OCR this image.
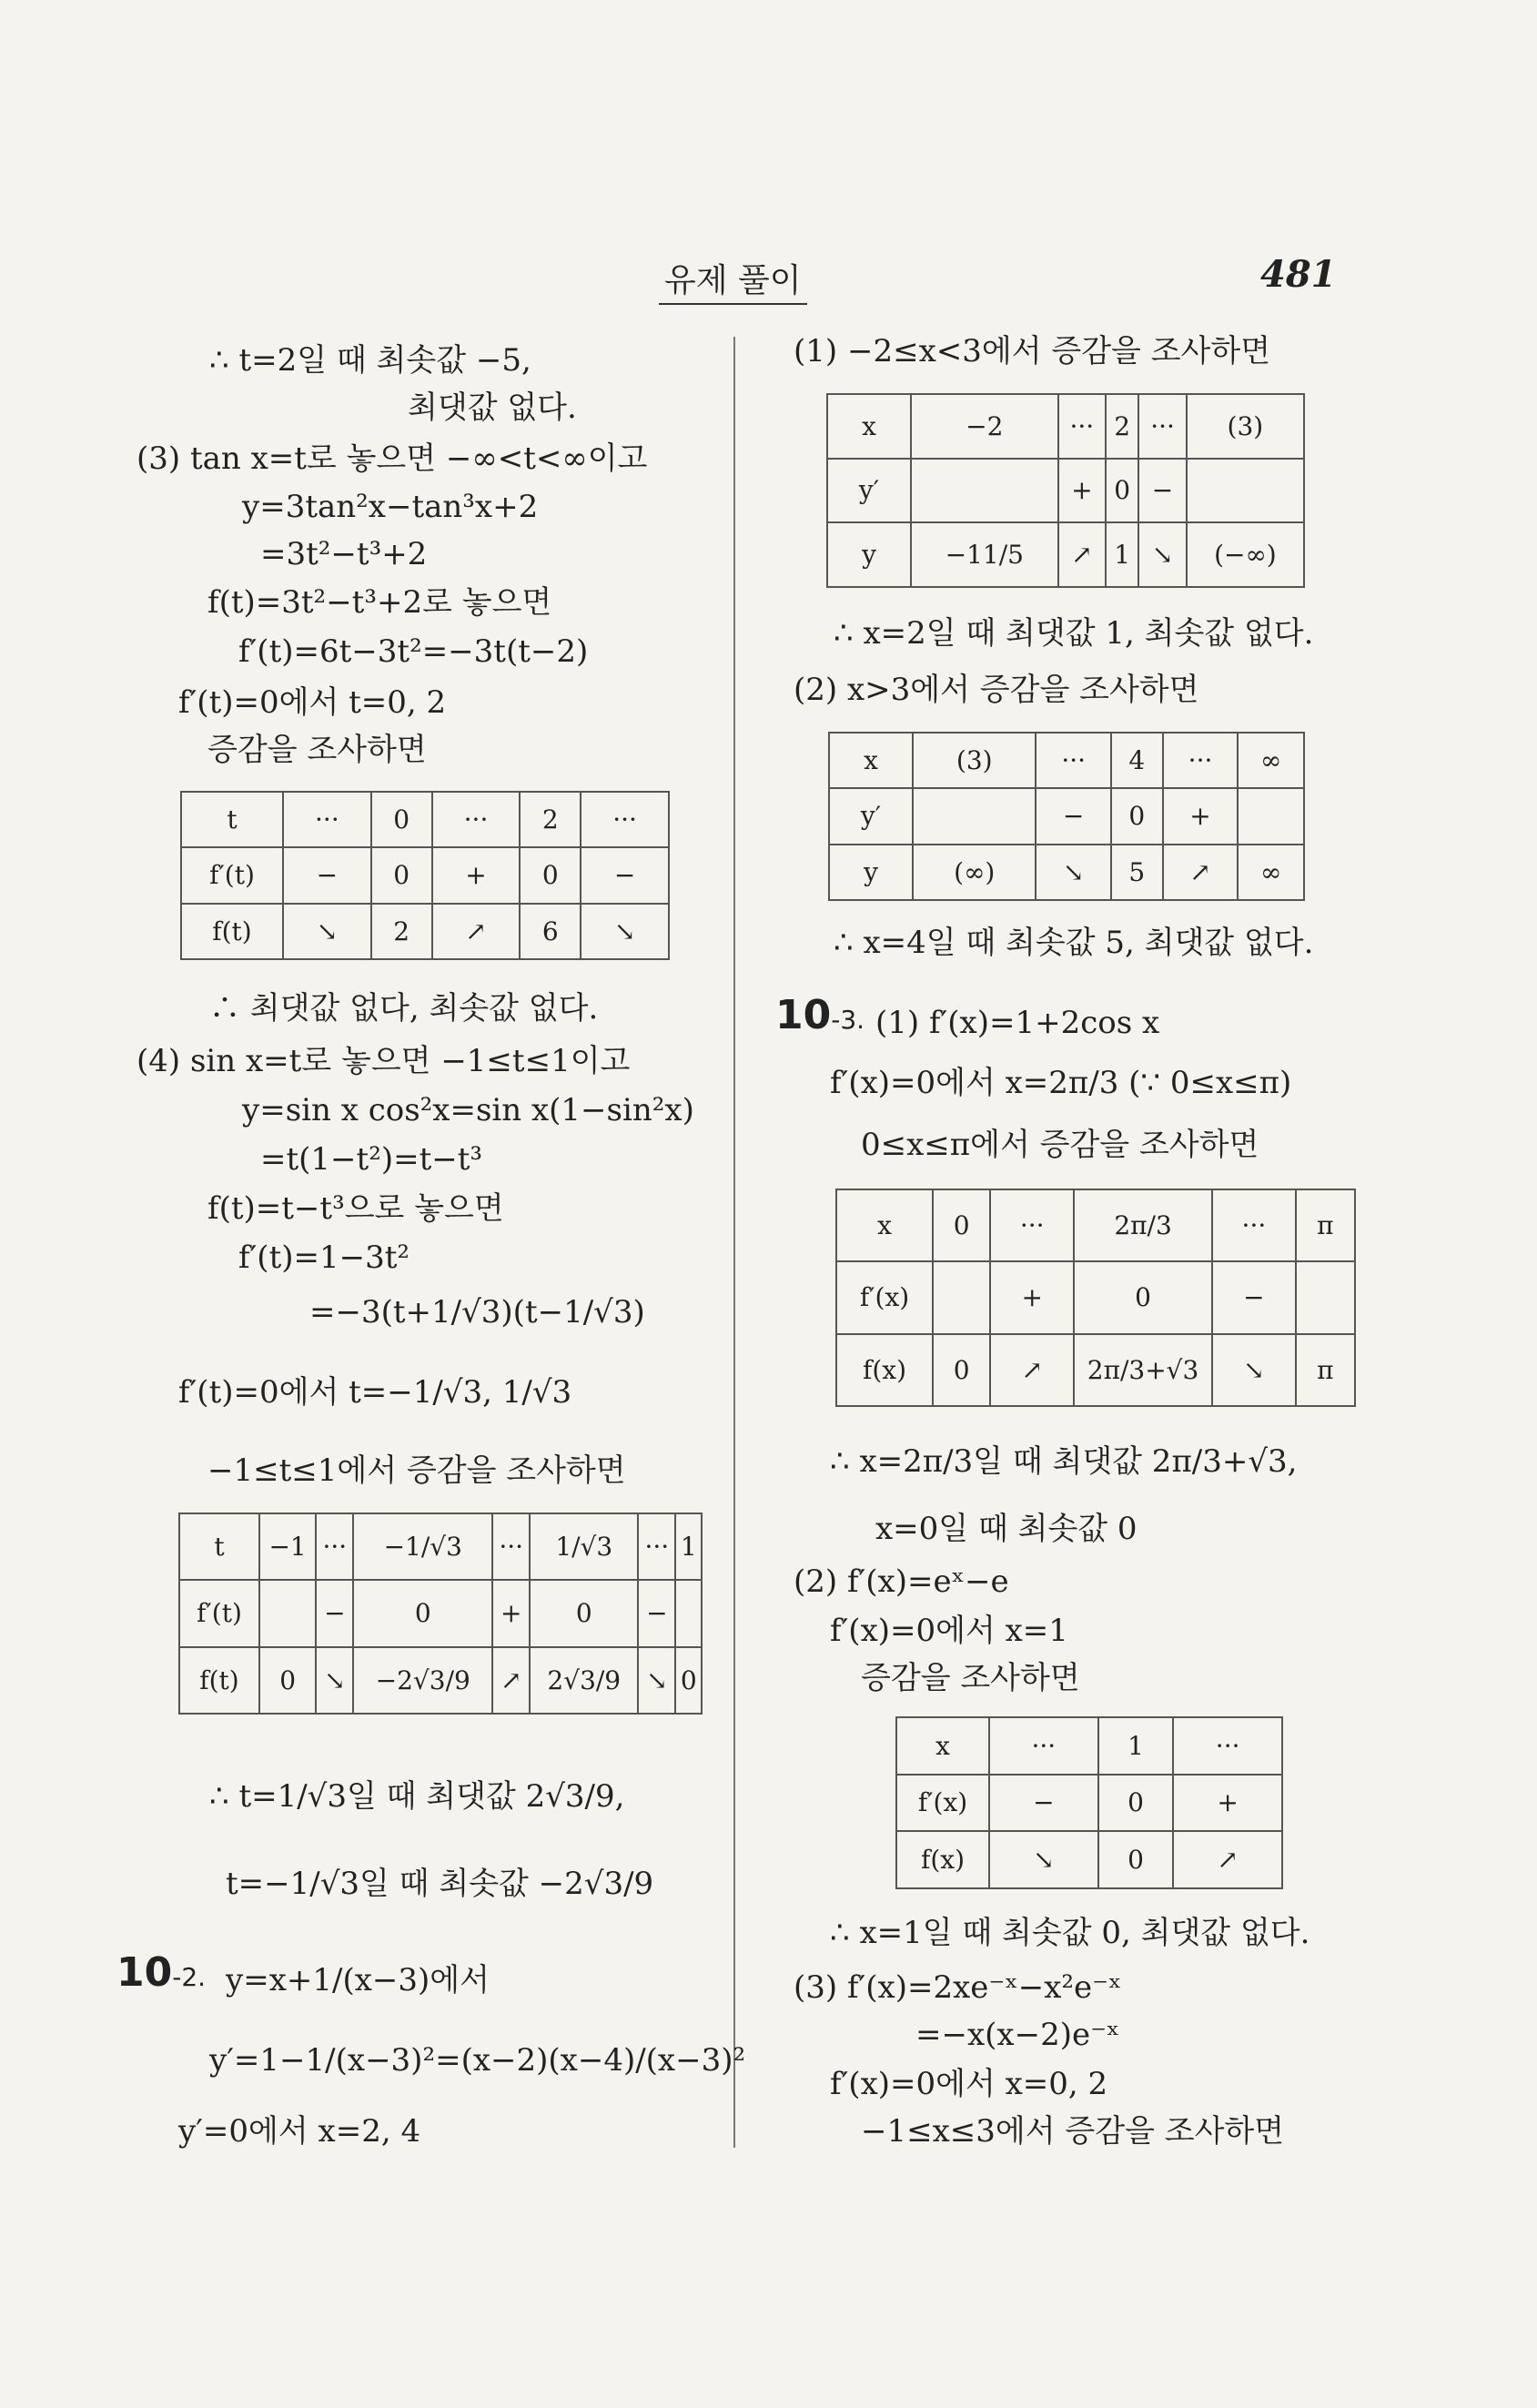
유제 풀이	481
∴ t=2일 때 최솟값 −5,
최댓값 없다.
(3) tan x=t로 놓으면 −∞<t<∞이고
y=3tan²x−tan³x+2
=3t²−t³+2
f(t)=3t²−t³+2로 놓으면
f′(t)=6t−3t²=−3t(t−2)
f′(t)=0에서 t=0, 2
증감을 조사하면
t	···	0	···	2	···
f′(t)	−	0	+	0	−
f(t)	↘	2	↗	6	↘
∴ 최댓값 없다, 최솟값 없다.
(4) sin x=t로 놓으면 −1≤t≤1이고
y=sin x cos²x=sin x(1−sin²x)
=t(1−t²)=t−t³
f(t)=t−t³으로 놓으면
f′(t)=1−3t²
=−3(t+1/√3)(t−1/√3)
f′(t)=0에서 t=−1/√3, 1/√3
−1≤t≤1에서 증감을 조사하면
t	−1	···	−1/√3	···	1/√3	···	1
f′(t)		−	0	+	0	−	
f(t)	0	↘	−2√3/9	↗	2√3/9	↘	0
∴ t=1/√3일 때 최댓값 2√3/9,
t=−1/√3일 때 최솟값 −2√3/9
10-2. y=x+1/(x−3)에서
y′=1−1/(x−3)²=(x−2)(x−4)/(x−3)²
y′=0에서 x=2, 4
(1) −2≤x<3에서 증감을 조사하면
x	−2	···	2	···	(3)
y′		+	0	−	
y	−11/5	↗	1	↘	(−∞)
∴ x=2일 때 최댓값 1, 최솟값 없다.
(2) x>3에서 증감을 조사하면
x	(3)	···	4	···	∞
y′		−	0	+	
y	(∞)	↘	5	↗	∞
∴ x=4일 때 최솟값 5, 최댓값 없다.
10-3. (1) f′(x)=1+2cos x
f′(x)=0에서 x=2π/3 (∵ 0≤x≤π)
0≤x≤π에서 증감을 조사하면
x	0	···	2π/3	···	π
f′(x)		+	0	−	
f(x)	0	↗	2π/3+√3	↘	π
∴ x=2π/3일 때 최댓값 2π/3+√3,
x=0일 때 최솟값 0
(2) f′(x)=eˣ−e
f′(x)=0에서 x=1
증감을 조사하면
x	···	1	···
f′(x)	−	0	+
f(x)	↘	0	↗
∴ x=1일 때 최솟값 0, 최댓값 없다.
(3) f′(x)=2xe⁻ˣ−x²e⁻ˣ
=−x(x−2)e⁻ˣ
f′(x)=0에서 x=0, 2
−1≤x≤3에서 증감을 조사하면
